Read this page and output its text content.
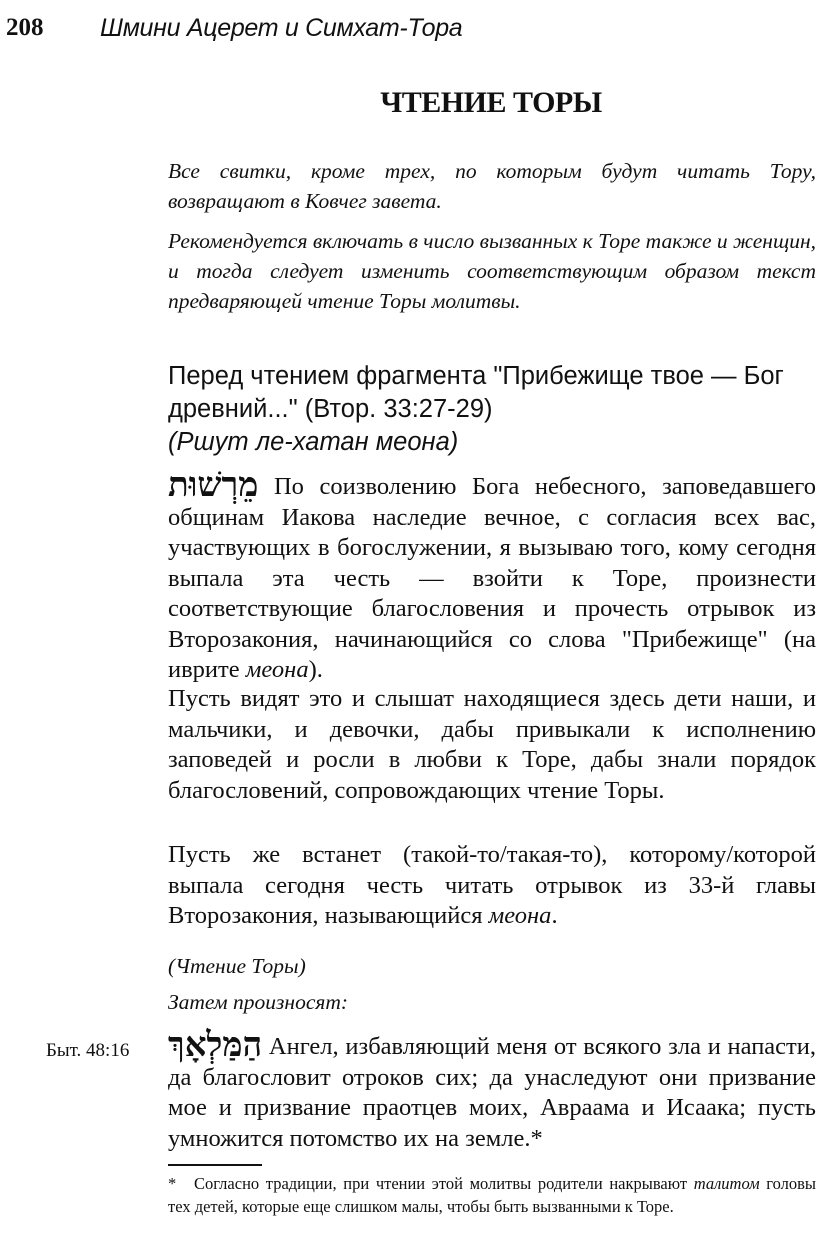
208 Шмини Ацерет и Симхат-Тора
ЧТЕНИЕ ТОРЫ
Все свитки, кроме трех, по которым будут читать Тору, возвращают в Ковчег завета.
Рекомендуется включать в число вызванных к Торе также и женщин, и тогда следует изменить соответствующим образом текст предваряющей чтение Торы молитвы.
Перед чтением фрагмента "Прибежище твое — Бог древний..." (Втор. 33:27-29)
(Ршут ле-хатан меона)
מֵרְשׁוּת По соизволению Бога небесного, заповедавшего общинам Иакова наследие вечное, с согласия всех вас, участвующих в богослужении, я вызываю того, кому сегодня выпала эта честь — взойти к Торе, произнести соответствующие благословения и прочесть отрывок из Второзакония, начинающийся со слова "Прибежище" (на иврите меона).
Пусть видят это и слышат находящиеся здесь дети наши, и мальчики, и девочки, дабы привыкали к исполнению заповедей и росли в любви к Торе, дабы знали порядок благословений, сопровождающих чтение Торы.
Пусть же встанет (такой-то/такая-то), которому/которой выпала сегодня честь читать отрывок из 33-й главы Второзакония, называющийся меона.
(Чтение Торы)
Затем произносят:
Быт. 48:16 הַמַּלְאָךְ Ангел, избавляющий меня от всякого зла и напасти, да благословит отроков сих; да унаследуют они призвание мое и призвание праотцев моих, Авраама и Исаака; пусть умножится потомство их на земле.*
* Согласно традиции, при чтении этой молитвы родители накрывают талитом головы тех детей, которые еще слишком малы, чтобы быть вызванными к Торе.
